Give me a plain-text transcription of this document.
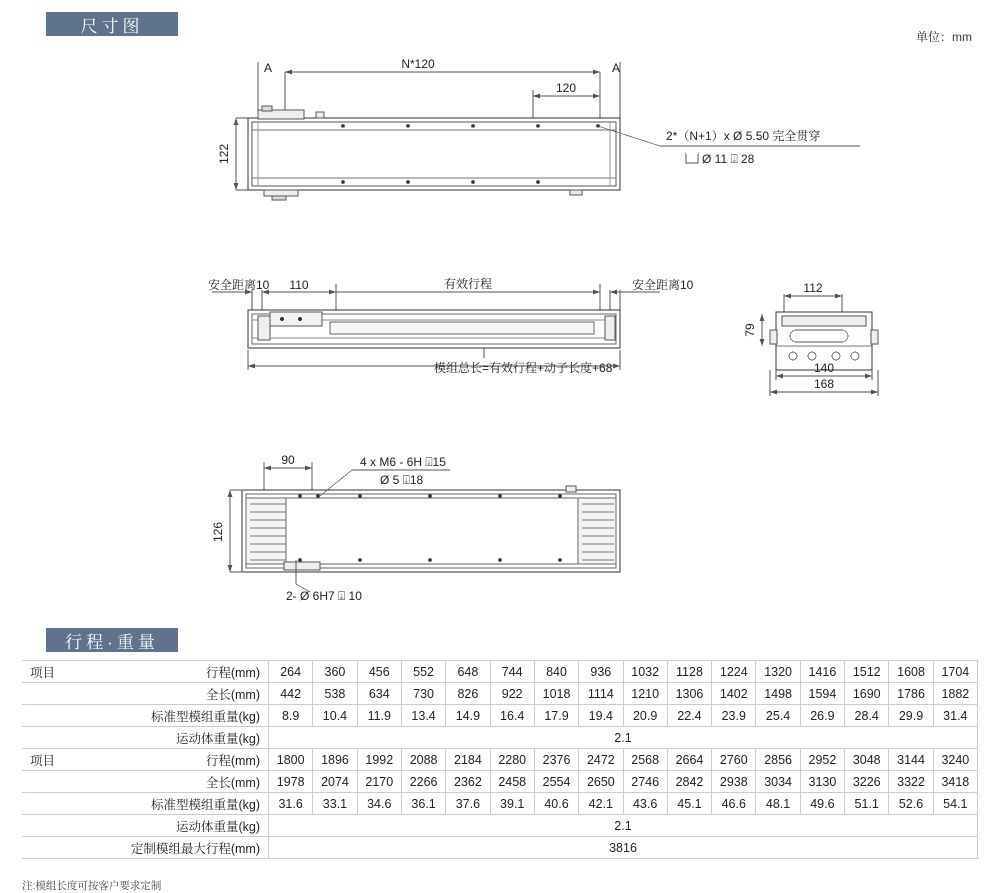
尺寸图
单位：mm
行程·重量
A	A
N*120
120
122
2*（N+1）x Ø 5.50 完全贯穿
Ø 11 ⍗ 28
安全距离10 110	有效行程	安全距离10
模组总长=有效行程+动子长度+68
112
79
140
168
90	4 x M6 - 6H ⍗15
Ø 5 ⍗18
126
2- Ø 6H7 ⍗ 10
项目 行程(mm)	264	360	456	552	648	744	840	936	1032	1128	1224	1320	1416	1512	1608	1704
全长(mm)	442	538	634	730	826	922	1018	1114	1210	1306	1402	1498	1594	1690	1786	1882
标准型模组重量(kg)	8.9	10.4	11.9	13.4	14.9	16.4	17.9	19.4	20.9	22.4	23.9	25.4	26.9	28.4	29.9	31.4
运动体重量(kg)	2.1															

项目 行程(mm)	1800	1896	1992	2088	2184	2280	2376	2472	2568	2664	2760	2856	2952	3048	3144	3240
全长(mm)	1978	2074	2170	2266	2362	2458	2554	2650	2746	2842	2938	3034	3130	3226	3322	3418
标准型模组重量(kg)	31.6	33.1	34.6	36.1	37.6	39.1	40.6	42.1	43.6	45.1	46.6	48.1	49.6	51.1	52.6	54.1
运动体重量(kg)	2.1															
定制模组最大行程(mm)	3816															
注:模组长度可按客户要求定制
